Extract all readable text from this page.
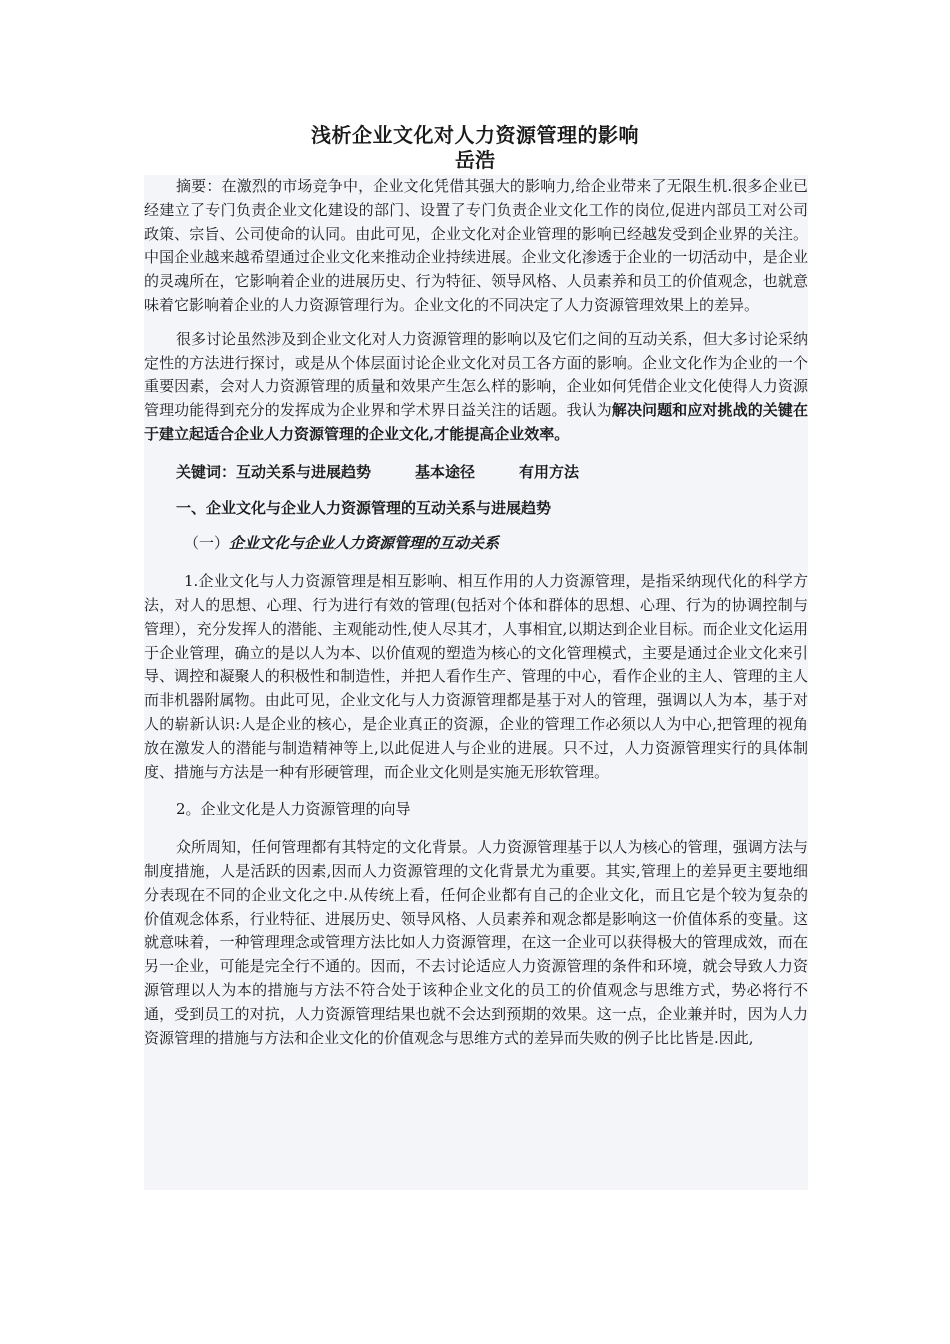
浅析企业文化对人力资源管理的影响
岳浩

摘要：在激烈的市场竞争中，企业文化凭借其强大的影响力,给企业带来了无限生机.很多企业已经建立了专门负责企业文化建设的部门、设置了专门负责企业文化工作的岗位,促进内部员工对公司政策、宗旨、公司使命的认同。由此可见，企业文化对企业管理的影响已经越发受到企业界的关注。中国企业越来越希望通过企业文化来推动企业持续进展。企业文化渗透于企业的一切活动中，是企业的灵魂所在，它影响着企业的进展历史、行为特征、领导风格、人员素养和员工的价值观念，也就意味着它影响着企业的人力资源管理行为。企业文化的不同决定了人力资源管理效果上的差异。

很多讨论虽然涉及到企业文化对人力资源管理的影响以及它们之间的互动关系，但大多讨论采纳定性的方法进行探讨，或是从个体层面讨论企业文化对员工各方面的影响。企业文化作为企业的一个重要因素，会对人力资源管理的质量和效果产生怎么样的影响，企业如何凭借企业文化使得人力资源管理功能得到充分的发挥成为企业界和学术界日益关注的话题。我认为解决问题和应对挑战的关键在于建立起适合企业人力资源管理的企业文化,才能提高企业效率。

关键词：互动关系与进展趋势	基本途径	有用方法

一、企业文化与企业人力资源管理的互动关系与进展趋势

（一）企业文化与企业人力资源管理的互动关系

1.企业文化与人力资源管理是相互影响、相互作用的人力资源管理，是指采纳现代化的科学方法，对人的思想、心理、行为进行有效的管理(包括对个体和群体的思想、心理、行为的协调控制与管理），充分发挥人的潜能、主观能动性,使人尽其才，人事相宜,以期达到企业目标。而企业文化运用于企业管理，确立的是以人为本、以价值观的塑造为核心的文化管理模式，主要是通过企业文化来引导、调控和凝聚人的积极性和制造性，并把人看作生产、管理的中心，看作企业的主人、管理的主人而非机器附属物。由此可见，企业文化与人力资源管理都是基于对人的管理，强调以人为本，基于对人的崭新认识:人是企业的核心，是企业真正的资源，企业的管理工作必须以人为中心,把管理的视角放在激发人的潜能与制造精神等上,以此促进人与企业的进展。只不过，人力资源管理实行的具体制度、措施与方法是一种有形硬管理，而企业文化则是实施无形软管理。

2。企业文化是人力资源管理的向导

众所周知，任何管理都有其特定的文化背景。人力资源管理基于以人为核心的管理，强调方法与制度措施，人是活跃的因素,因而人力资源管理的文化背景尤为重要。其实,管理上的差异更主要地细分表现在不同的企业文化之中.从传统上看，任何企业都有自己的企业文化，而且它是个较为复杂的价值观念体系，行业特征、进展历史、领导风格、人员素养和观念都是影响这一价值体系的变量。这就意味着，一种管理理念或管理方法比如人力资源管理，在这一企业可以获得极大的管理成效，而在另一企业，可能是完全行不通的。因而，不去讨论适应人力资源管理的条件和环境，就会导致人力资源管理以人为本的措施与方法不符合处于该种企业文化的员工的价值观念与思维方式，势必将行不通，受到员工的对抗，人力资源管理结果也就不会达到预期的效果。这一点，企业兼并时，因为人力资源管理的措施与方法和企业文化的价值观念与思维方式的差异而失败的例子比比皆是.因此,
